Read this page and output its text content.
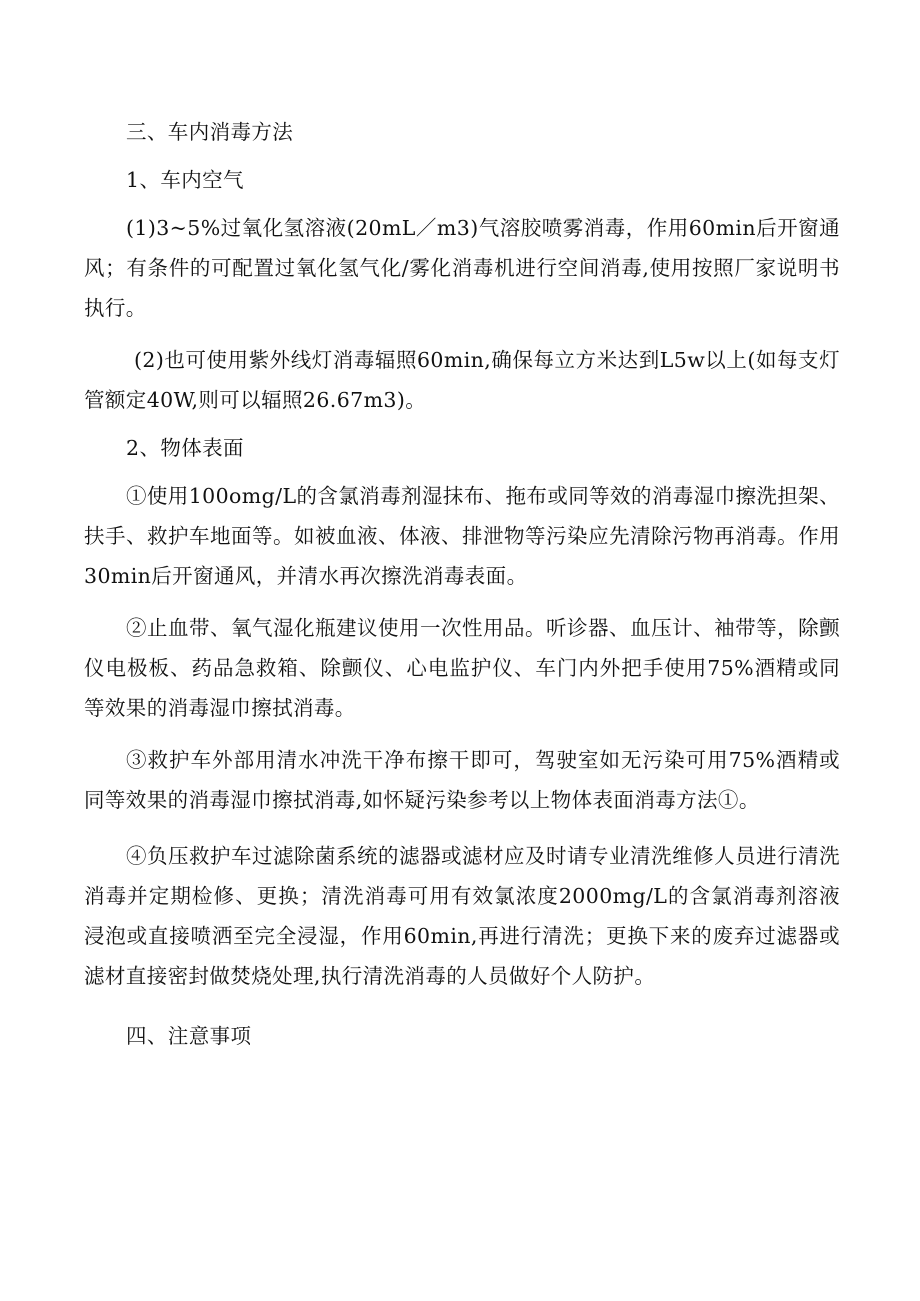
三、车内消毒方法

1、车内空气

(1)3~5%过氧化氢溶液(20mL／m3)气溶胶喷雾消毒，作用60min后开窗通风；有条件的可配置过氧化氢气化/雾化消毒机进行空间消毒,使用按照厂家说明书执行。

(2)也可使用紫外线灯消毒辐照60min,确保每立方米达到L5w以上(如每支灯管额定40W,则可以辐照26.67m3)。

2、物体表面

①使用100omg/L的含氯消毒剂湿抹布、拖布或同等效的消毒湿巾擦洗担架、扶手、救护车地面等。如被血液、体液、排泄物等污染应先清除污物再消毒。作用30min后开窗通风，并清水再次擦洗消毒表面。

②止血带、氧气湿化瓶建议使用一次性用品。听诊器、血压计、袖带等，除颤仪电极板、药品急救箱、除颤仪、心电监护仪、车门内外把手使用75%酒精或同等效果的消毒湿巾擦拭消毒。

③救护车外部用清水冲洗干净布擦干即可，驾驶室如无污染可用75%酒精或同等效果的消毒湿巾擦拭消毒,如怀疑污染参考以上物体表面消毒方法①。

④负压救护车过滤除菌系统的滤器或滤材应及时请专业清洗维修人员进行清洗消毒并定期检修、更换；清洗消毒可用有效氯浓度2000mg/L的含氯消毒剂溶液浸泡或直接喷洒至完全浸湿，作用60min,再进行清洗；更换下来的废弃过滤器或滤材直接密封做焚烧处理,执行清洗消毒的人员做好个人防护。

四、注意事项
